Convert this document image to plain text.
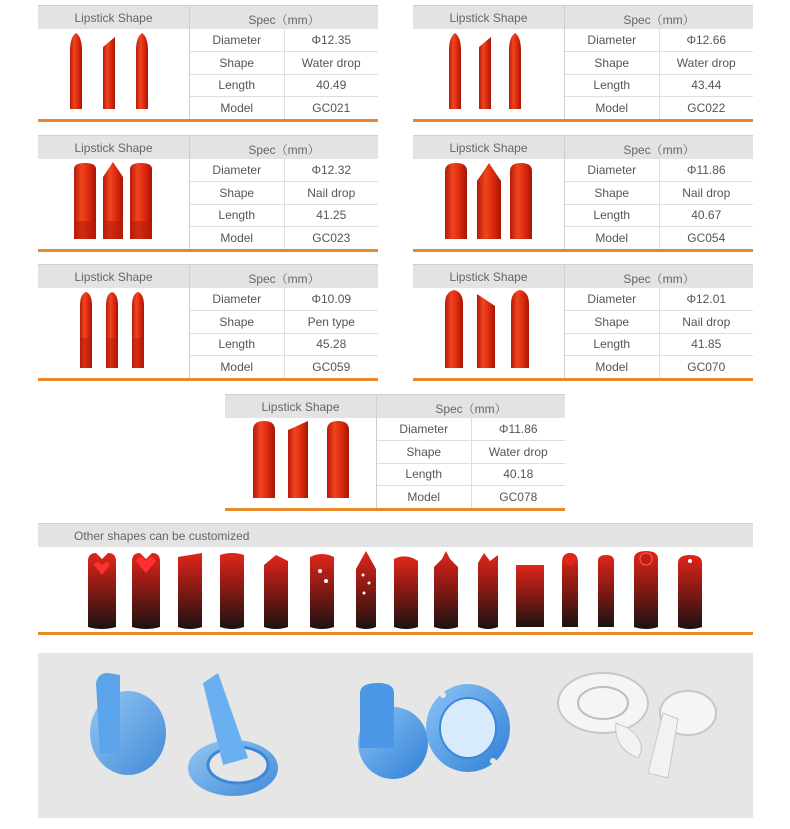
Lipstick Shape	Spec（mm）
Diameter	Φ12.35
Shape	Water drop
Length	40.49
Model	GC021
Lipstick Shape	Spec（mm）
Diameter	Φ12.66
Shape	Water drop
Length	43.44
Model	GC022
Lipstick Shape	Spec（mm）
Diameter	Φ12.32
Shape	Nail drop
Length	41.25
Model	GC023
Lipstick Shape	Spec（mm）
Diameter	Φ11.86
Shape	Nail drop
Length	40.67
Model	GC054
Lipstick Shape	Spec（mm）
Diameter	Φ10.09
Shape	Pen type
Length	45.28
Model	GC059
Lipstick Shape	Spec（mm）
Diameter	Φ12.01
Shape	Nail drop
Length	41.85
Model	GC070
Lipstick Shape	Spec（mm）
Diameter	Φ11.86
Shape	Water drop
Length	40.18
Model	GC078
Other shapes can be customized
